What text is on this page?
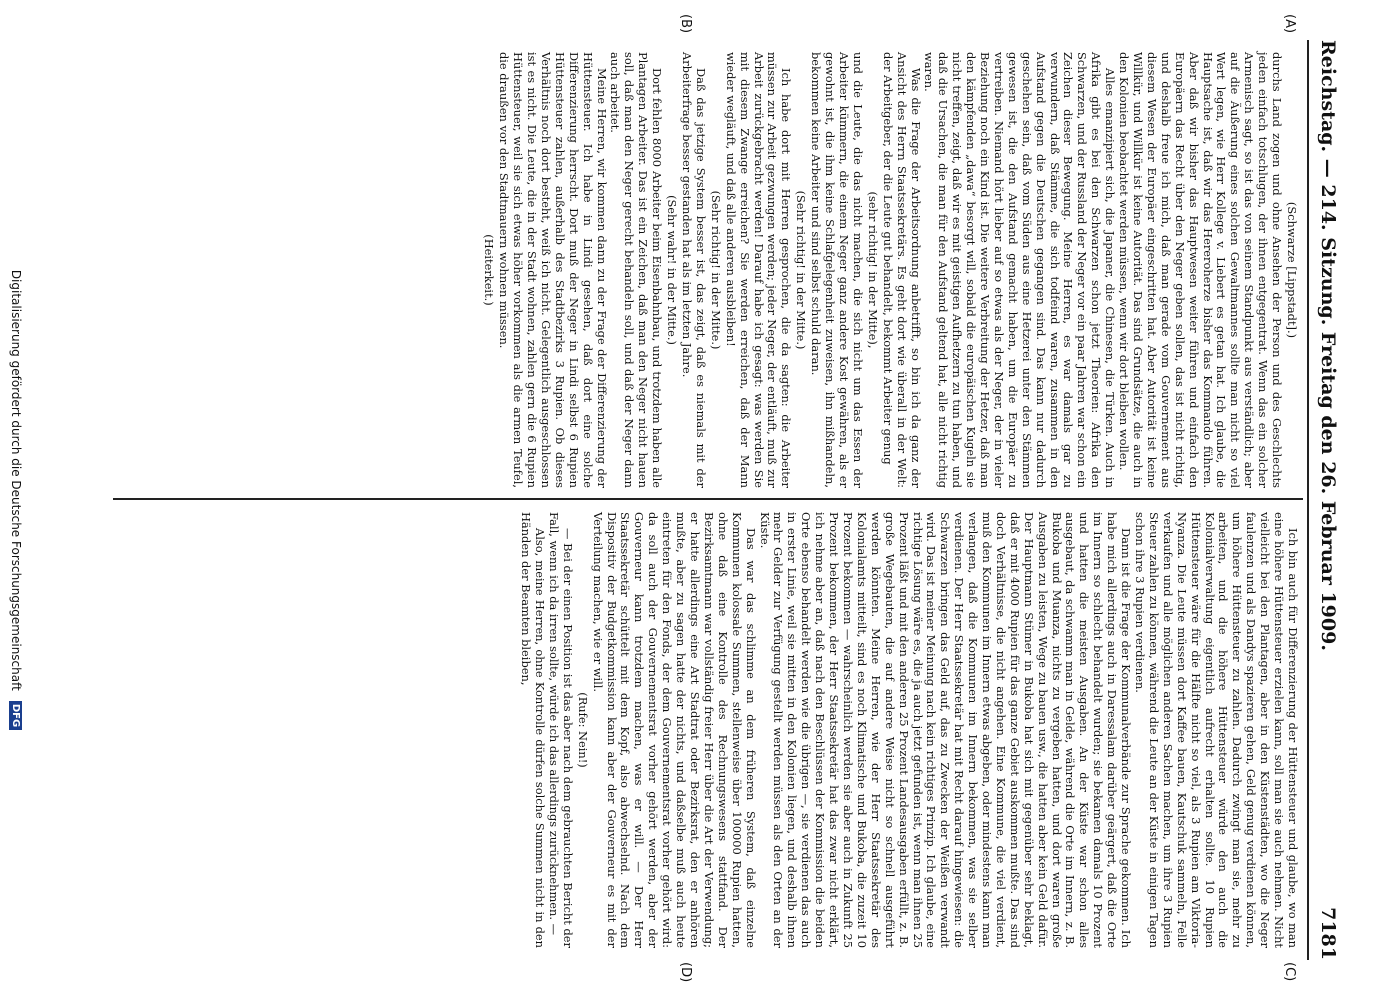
Reichstag. — 214. Sitzung. Freitag den 26. Februar 1909.
7181
(A)
(B)
(C)
(D)

(Schwarze [Lippstadt].)

durchs Land zogen und ohne Ansehen der Person und des Geschlechts jeden einfach totschlugen, der ihnen entgegentrat. Wenn das ein solcher Armenisch sagt, so ist das von seinem Standpunkt aus verständlich; aber auf die Äußerung eines solchen Gewaltmannes sollte man nicht so viel Wert legen, wie Herr Kollege v. Liebert es getan hat. Ich glaube, die Hauptsache ist, daß wir das Hereroherze bisher das Kommando führen. Aber daß wir bisher das Hauptwesen weiter führen und einfach den Europäern das Recht über den Neger geben sollen, das ist nicht richtig, und deshalb freue ich mich, daß man gerade vom Gouvernement aus diesem Wesen der Europäer eingeschritten hat. Aber Autorität ist keine Willkür, und Willkür ist keine Autorität. Das sind Grundsätze, die auch in den Kolonien beobachtet werden müssen, wenn wir dort bleiben wollen.

Alles emanzipiert sich, die Japaner, die Chinesen, die Türken. Auch in Afrika gibt es bei den Schwarzen schon jetzt Theorien: Afrika den Schwarzen, und der Russland der Neger vor ein paar Jahren war schon ein Zeichen dieser Bewegung. Meine Herren, es war damals gar zu verwundern, daß Stämme, die sich todfeind waren, zusammen in den Aufstand gegen die Deutschen gegangen sind. Das kann nur dadurch geschehen sein, daß vom Süden aus eine Hetzerei unter den Stämmen gewesen ist, die den Aufstand gemacht haben, um die Europäer zu vertreiben. Niemand hört lieber auf so etwas als der Neger, der in vieler Beziehung noch ein Kind ist. Die weitere Verbreitung der Hetzer, daß man den kämpfenden „dawa“ besorgt will, sobald die europäischen Kugeln sie nicht treffen, zeigt, daß wir es mit geistigen Aufhetzern zu tun haben, und daß die Ursachen, die man für den Aufstand geltend hat, alle nicht richtig waren.

Was die Frage der Arbeitsordnung anbetrifft, so bin ich da ganz der Ansicht des Herrn Staatssekretärs. Es geht dort wie überall in der Welt: der Arbeitgeber, der die Leute gut behandelt, bekommt Arbeiter genug

(sehr richtig! in der Mitte),

und die Leute, die das nicht machen, die sich nicht um das Essen der Arbeiter kümmern, die einem Neger ganz andere Kost gewähren, als er gewohnt ist, die ihm keine Schlafgelegenheit zuweisen, ihn mißhandeln, bekommen keine Arbeiter und sind selbst schuld daran.

(Sehr richtig! in der Mitte.)

Ich habe dort mit Herren gesprochen, die da sagten: die Arbeiter müssen zur Arbeit gezwungen werden; jeder Neger, der entläuft, muß zur Arbeit zurückgebracht werden! Darauf habe ich gesagt: was werden Sie mit diesem Zwange erreichen? Sie werden erreichen, daß der Mann wieder wegläuft, und daß alle anderen ausbleiben!

(Sehr richtig! in der Mitte.)

Daß das jetzige System besser ist, das zeigt, daß es niemals mit der Arbeiterfrage besser gestanden hat als im letzten Jahre.

(Sehr wahr! in der Mitte.)

Dort fehlen 8000 Arbeiter beim Eisenbahnbau, und trotzdem haben alle Plantagen Arbeiter. Das ist ein Zeichen, daß man den Neger nicht hauen soll, daß man den Neger gerecht behandeln soll, und daß der Neger dann auch arbeitet.

Meine Herren, wir kommen dann zu der Frage der Differenzierung der Hüttensteuer. Ich habe in Lindi gesehen, daß dort eine solche Differenzierung herrscht. Dort muß der Neger in Lindi selbst 6 Rupien Hüttensteuer zahlen, außerhalb des Stadtbezirks 3 Rupien. Ob dieses Verhältnis noch dort besteht, weiß ich nicht. Gelegentlich ausgeschlossen ist es nicht. Die Leute, die in der Stadt wohnen, zahlen gern die 6 Rupien Hüttensteuer, weil sie sich etwas höher vorkommen als die armen Teufel, die draußen vor den Stadtmauern wohnen müssen.

(Heiterkeit.)

Ich bin auch für Differenzierung der Hüttensteuer und glaube, wo man eine höhere Hüttensteuer erzielen kann, soll man sie auch nehmen. Nicht vielleicht bei den Plantagen, aber in den Küstenstädten, wo die Neger faulenzen und als Dandys spazieren gehen, Geld genug verdienen können, um höhere Hüttensteuer zu zahlen. Dadurch zwingt man sie, mehr zu arbeiten, und die höhere Hüttensteuer würde den auch die Kolonialverwaltung eigentlich aufrecht erhalten sollte. 10 Rupien Hüttensteuer wäre für die Hälfte nicht so viel, als 3 Rupien am Viktoria-Nyanza. Die Leute müssen dort Kaffee bauen, Kautschuk sammeln, Felle verkaufen und alle möglichen anderen Sachen machen, um ihre 3 Rupien Steuer zahlen zu können, während die Leute an der Küste in einigen Tagen schon ihre 3 Rupien verdienen.

Dann ist die Frage der Kommunalverbände zur Sprache gekommen. Ich habe mich allerdings auch in Daressalam darüber geärgert, daß die Orte im Innern so schlecht behandelt wurden; sie bekamen damals 10 Prozent und hatten die meisten Ausgaben. An der Küste war schon alles ausgebaut, da schwamm man in Gelde, während die Orte im Innern, z. B. Bukoba und Muanza, nichts zu vergeben hatten, und dort waren große Ausgaben zu leisten, Wege zu bauen usw., die hatten aber kein Geld dafür. Der Hauptmann Stümer in Bukoba hat sich mit gegenüber sehr beklagt, daß er mit 4000 Rupien für das ganze Gebiet auskommen mußte. Das sind doch Verhältnisse, die nicht angehen. Eine Kommune, die viel verdient, muß den Kommunen im Innern etwas abgeben, oder mindestens kann man verlangen, daß die Kommunen im Innern bekommen, was sie selber verdienen. Der Herr Staatssekretär hat mit Recht darauf hingewiesen: die Schwarzen bringen das Geld auf, das zu Zwecken der Weißen verwandt wird. Das ist meiner Meinung nach kein richtiges Prinzip. Ich glaube, eine richtige Lösung wäre es, die ja auch jetzt gefunden ist, wenn man ihnen 25 Prozent läßt und mit den anderen 25 Prozent Landesausgaben erfüllt, z. B. große Wegebauten, die auf andere Weise nicht so schnell ausgeführt werden könnten. Meine Herren, wie der Herr Staatssekretär des Kolonialamts mitteilt, sind es noch Klimatische und Bukoba, die zuzeit 10 Prozent bekommen — wahrscheinlich werden sie aber auch in Zukunft 25 Prozent bekommen, der Herr Staatssekretär hat das zwar nicht erklärt, ich nehme aber an, daß nach den Beschlüssen der Kommission die beiden Orte ebenso behandelt werden wie die übrigen —, sie verdienen das auch in erster Linie, weil sie mitten in den Kolonien liegen, und deshalb ihnen mehr Gelder zur Verfügung gestellt werden müssen als den Orten an der Küste.

Das war das schlimme an dem früheren System, daß einzelne Kommunen kolossale Summen, stellenweise über 100000 Rupien hatten, ohne daß eine Kontrolle des Rechnungswesens stattfand. Der Bezirksamtmann war vollständig freier Herr über die Art der Verwendung; er hatte allerdings eine Art Stadtrat oder Bezirksrat, den er anhören mußte, aber zu sagen hatte der nichts, und daßselbe muß auch heute eintreten für den Fonds, der dem Gouvernementsrat vorher gehört wird: da soll auch der Gouvernementsrat vorher gehört werden, aber der Gouverneur kann trotzdem machen, was er will. — Der Herr Staatssekretär schüttelt mit dem Kopf, also abwechselnd. Nach dem Dispositiv der Budgetkommission kann aber der Gouverneur es mit der Verteilung machen, wie er will.

(Rufe: Nein!)

— Bei der einen Position ist das aber nach dem gebrauchten Bericht der Fall, wenn ich da irren sollte, würde ich das allerdings zurücknehmen. —

Also, meine Herren, ohne Kontrolle dürfen solche Summen nicht in den Händen der Beamten bleiben,

Digitalisierung gefördert durch die Deutsche Forschungsgemeinschaft
DFG
